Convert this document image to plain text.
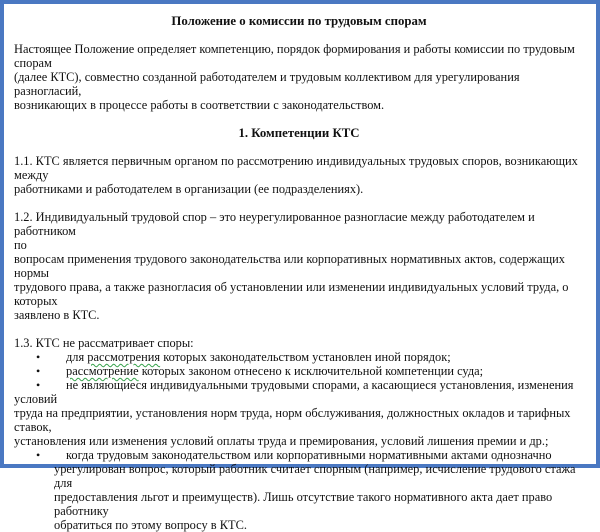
Положение о комиссии по трудовым спорам

Настоящее Положение определяет компетенцию, порядок формирования и работы комиссии по трудовым

спорам

(далее КТС), совместно созданной работодателем и трудовым коллективом для урегулирования разногласий,

возникающих в процессе работы в соответствии с законодательством.

1. Компетенции КТС

1.1. КТС является первичным органом по рассмотрению индивидуальных трудовых споров, возникающих

между

работниками и работодателем в организации (ее подразделениях).

1.2. Индивидуальный трудовой спор – это неурегулированное разногласие между работодателем и работником

по

вопросам применения трудового законодательства или корпоративных нормативных актов, содержащих нормы

трудового права, а также разногласия об установлении или изменении индивидуальных условий труда, о

которых

заявлено в КТС.

1.3. КТС не рассматривает споры:

•	для рассмотрения которых законодательством установлен иной порядок;
•	рассмотрение которых законом отнесено к исключительной компетенции суда;
•	не являющиеся индивидуальными трудовыми спорами, а касающиеся установления, изменения
условий
труда на предприятии, установления норм труда, норм обслуживания, должностных окладов и тарифных
ставок,
установления или изменения условий оплаты труда и премирования, условий лишения премии и др.;
•	когда трудовым законодательством или корпоративными нормативными актами однозначно
урегулирован вопрос, который работник считает спорным (например, исчисление трудового стажа для
предоставления льгот и преимуществ). Лишь отсутствие такого нормативного акта дает право работнику
обратиться по этому вопросу в КТС.
